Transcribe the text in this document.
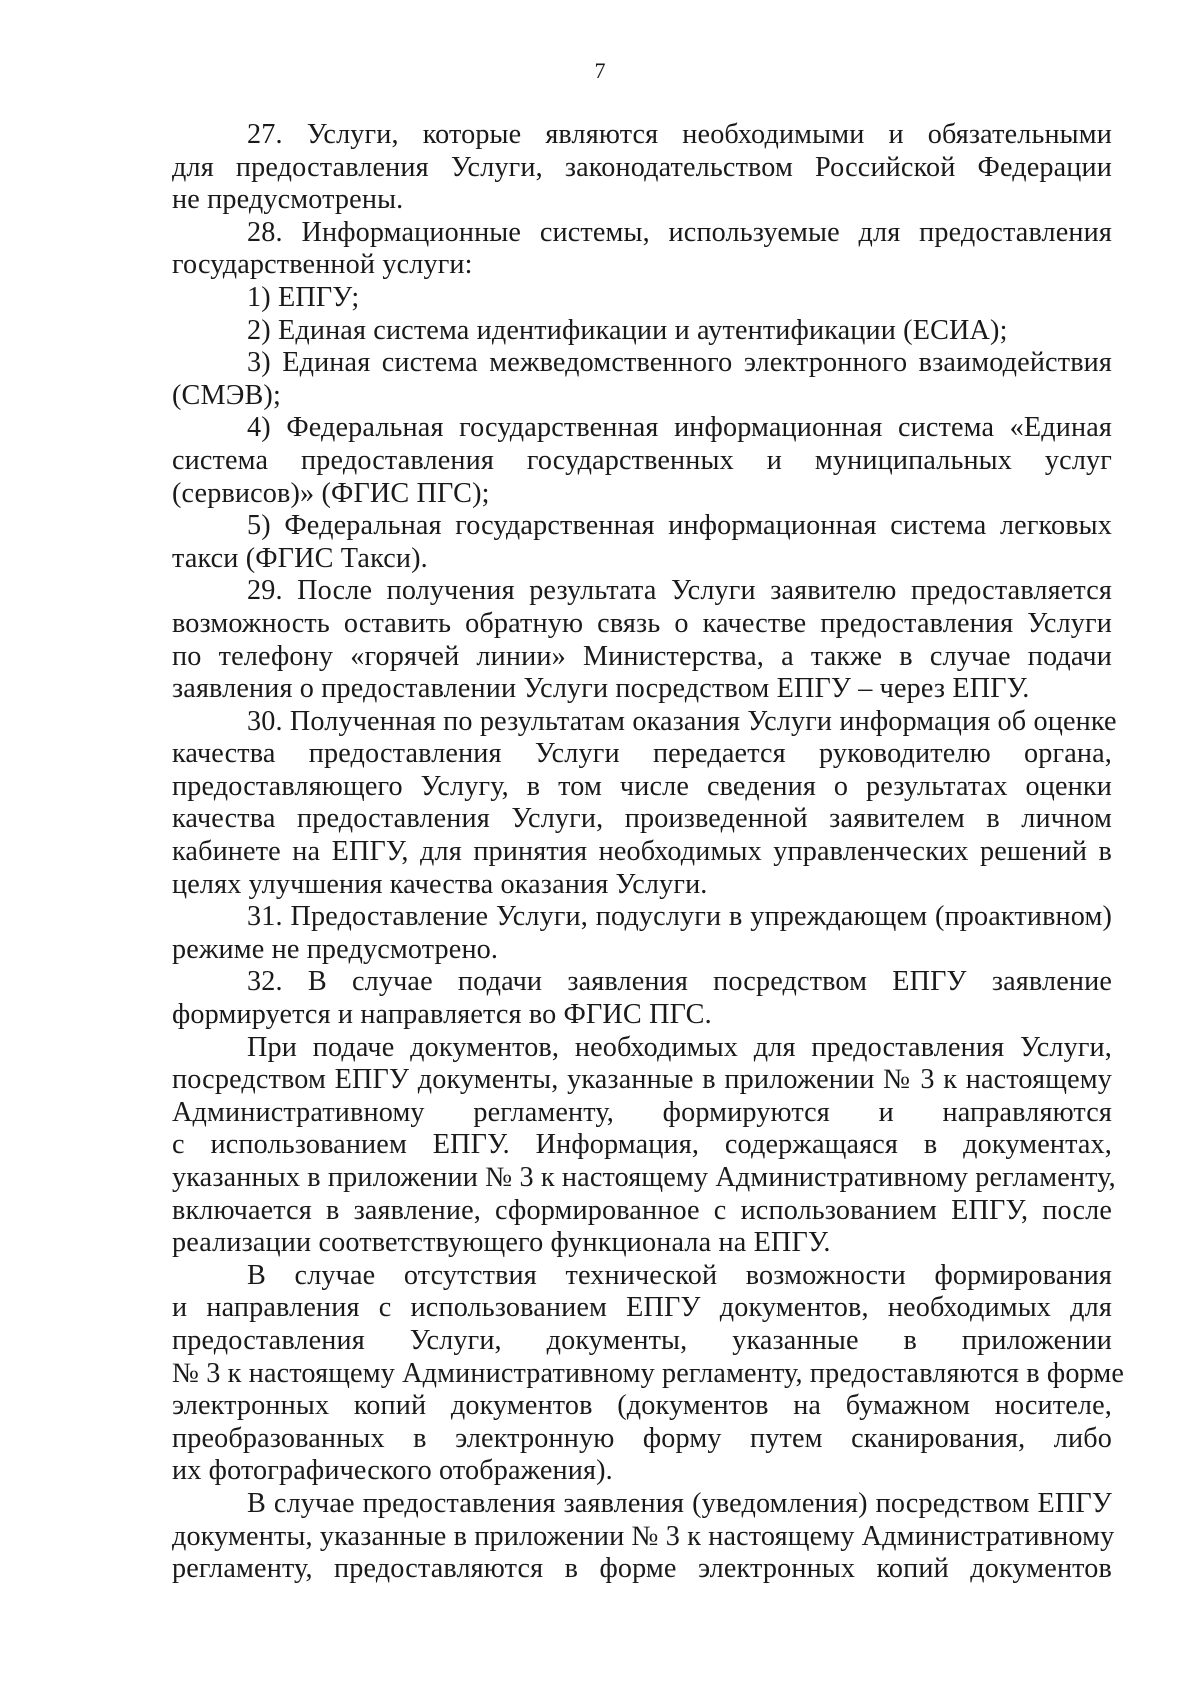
7
27. Услуги, которые являются необходимыми и обязательными
для предоставления Услуги, законодательством Российской Федерации
не предусмотрены.
28. Информационные системы, используемые для предоставления
государственной услуги:
1) ЕПГУ;
2) Единая система идентификации и аутентификации (ЕСИА);
3) Единая система межведомственного электронного взаимодействия
(СМЭВ);
4) Федеральная государственная информационная система «Единая
система предоставления государственных и муниципальных услуг
(сервисов)» (ФГИС ПГС);
5) Федеральная государственная информационная система легковых
такси (ФГИС Такси).
29. После получения результата Услуги заявителю предоставляется
возможность оставить обратную связь о качестве предоставления Услуги
по телефону «горячей линии» Министерства, а также в случае подачи
заявления о предоставлении Услуги посредством ЕПГУ – через ЕПГУ.
30. Полученная по результатам оказания Услуги информация об оценке
качества предоставления Услуги передается руководителю органа,
предоставляющего Услугу, в том числе сведения о результатах оценки
качества предоставления Услуги, произведенной заявителем в личном
кабинете на ЕПГУ, для принятия необходимых управленческих решений в
целях улучшения качества оказания Услуги.
31. Предоставление Услуги, подуслуги в упреждающем (проактивном)
режиме не предусмотрено.
32. В случае подачи заявления посредством ЕПГУ заявление
формируется и направляется во ФГИС ПГС.
При подаче документов, необходимых для предоставления Услуги,
посредством ЕПГУ документы, указанные в приложении № 3 к настоящему
Административному регламенту, формируются и направляются
с использованием ЕПГУ. Информация, содержащаяся в документах,
указанных в приложении № 3 к настоящему Административному регламенту,
включается в заявление, сформированное с использованием ЕПГУ, после
реализации соответствующего функционала на ЕПГУ.
В случае отсутствия технической возможности формирования
и направления с использованием ЕПГУ документов, необходимых для
предоставления Услуги, документы, указанные в приложении
№ 3 к настоящему Административному регламенту, предоставляются в форме
электронных копий документов (документов на бумажном носителе,
преобразованных в электронную форму путем сканирования, либо
их фотографического отображения).
В случае предоставления заявления (уведомления) посредством ЕПГУ
документы, указанные в приложении № 3 к настоящему Административному
регламенту, предоставляются в форме электронных копий документов
